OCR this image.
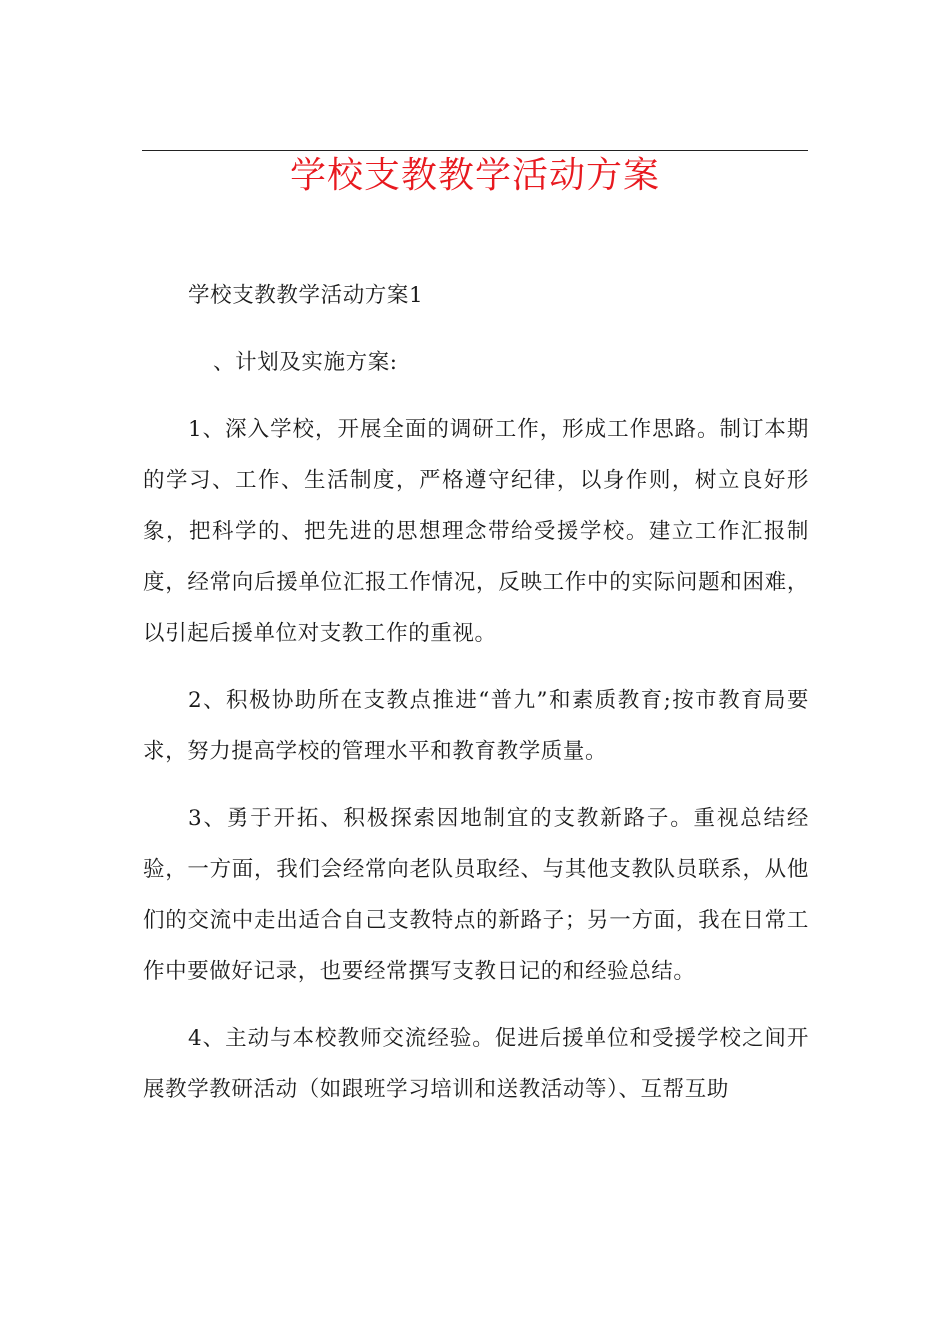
学校支教教学活动方案

学校支教教学活动方案1

、计划及实施方案:

1、深入学校，开展全面的调研工作，形成工作思路。制订本期的学习、工作、生活制度，严格遵守纪律，以身作则，树立良好形象，把科学的、把先进的思想理念带给受援学校。建立工作汇报制度，经常向后援单位汇报工作情况，反映工作中的实际问题和困难，以引起后援单位对支教工作的重视。

2、积极协助所在支教点推进“普九”和素质教育;按市教育局要求，努力提高学校的管理水平和教育教学质量。

3、勇于开拓、积极探索因地制宜的支教新路子。重视总结经验，一方面，我们会经常向老队员取经、与其他支教队员联系，从他们的交流中走出适合自己支教特点的新路子；另一方面，我在日常工作中要做好记录，也要经常撰写支教日记的和经验总结。

4、主动与本校教师交流经验。促进后援单位和受援学校之间开展教学教研活动（如跟班学习培训和送教活动等）、互帮互助
